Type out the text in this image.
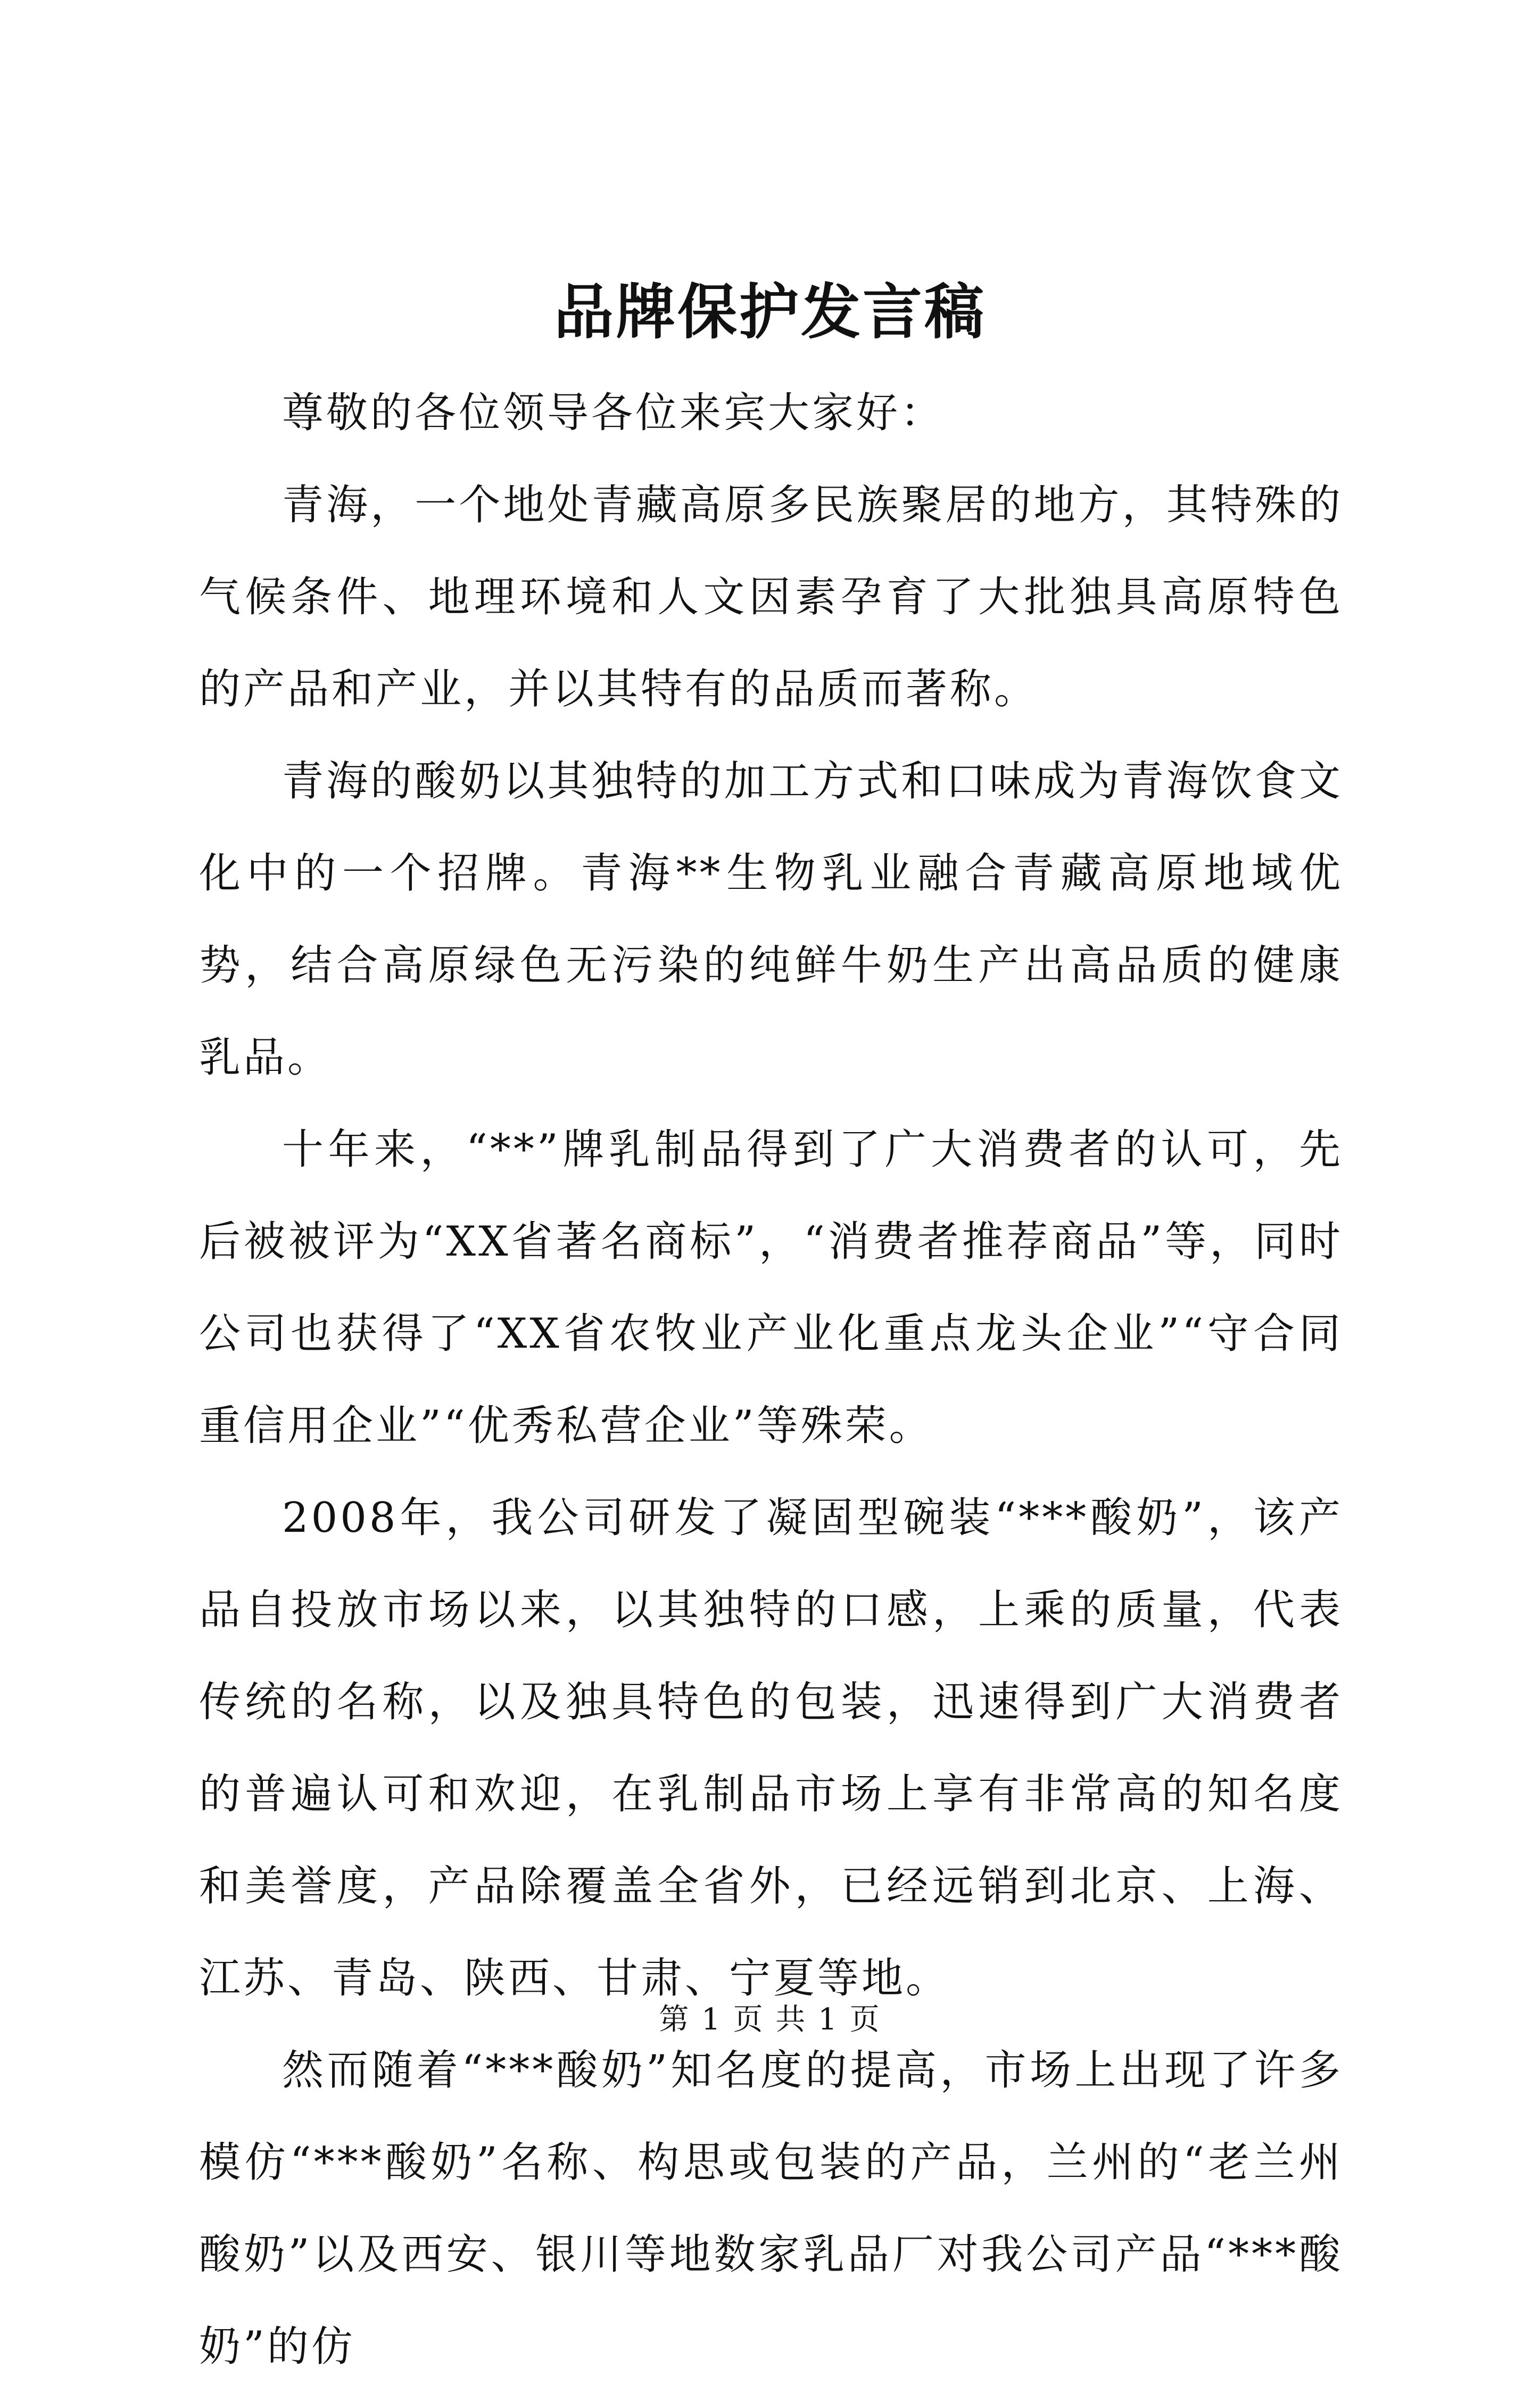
品牌保护发言稿

尊敬的各位领导各位来宾大家好：

青海，一个地处青藏高原多民族聚居的地方，其特殊的气候条件、地理环境和人文因素孕育了大批独具高原特色的产品和产业，并以其特有的品质而著称。

青海的酸奶以其独特的加工方式和口味成为青海饮食文化中的一个招牌。青海**生物乳业融合青藏高原地域优势，结合高原绿色无污染的纯鲜牛奶生产出高品质的健康乳品。

十年来，“**”牌乳制品得到了广大消费者的认可，先后被被评为“XX省著名商标”，“消费者推荐商品”等，同时公司也获得了“XX省农牧业产业化重点龙头企业”“守合同重信用企业”“优秀私营企业”等殊荣。

2008年，我公司研发了凝固型碗装“***酸奶”，该产品自投放市场以来，以其独特的口感，上乘的质量，代表传统的名称，以及独具特色的包装，迅速得到广大消费者的普遍认可和欢迎，在乳制品市场上享有非常高的知名度和美誉度，产品除覆盖全省外，已经远销到北京、上海、江苏、青岛、陕西、甘肃、宁夏等地。

然而随着“***酸奶”知名度的提高，市场上出现了许多模仿“***酸奶”名称、构思或包装的产品，兰州的“老兰州酸奶”以及西安、银川等地数家乳品厂对我公司产品“***酸奶”的仿

第 1 页 共 1 页
